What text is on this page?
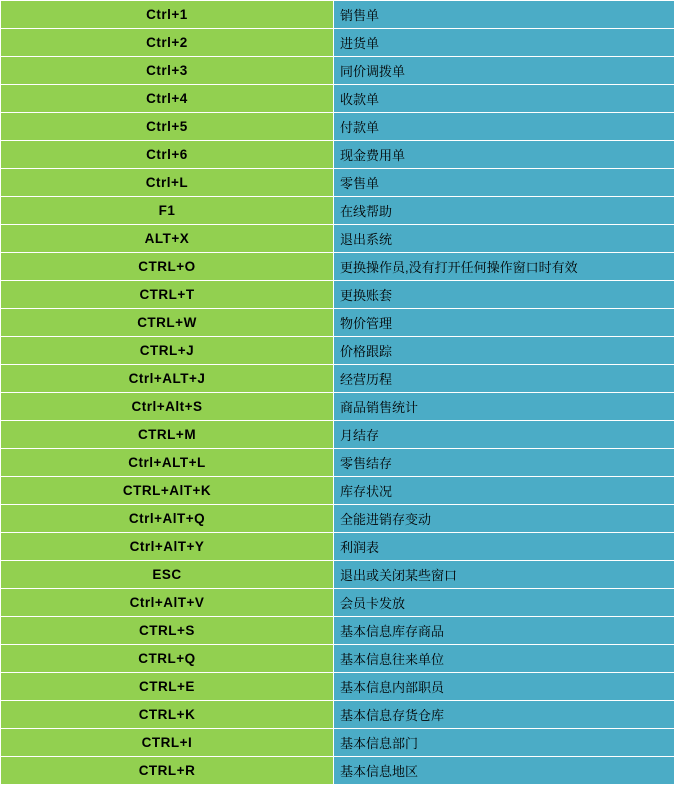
Ctrl+1	销售单
Ctrl+2	进货单
Ctrl+3	同价调拨单
Ctrl+4	收款单
Ctrl+5	付款单
Ctrl+6	现金费用单
Ctrl+L	零售单
F1	在线帮助
ALT+X	退出系统
CTRL+O	更换操作员,没有打开任何操作窗口时有效
CTRL+T	更换账套
CTRL+W	物价管理
CTRL+J	价格跟踪
Ctrl+ALT+J	经营历程
Ctrl+Alt+S	商品销售统计
CTRL+M	月结存
Ctrl+ALT+L	零售结存
CTRL+AlT+K	库存状况
Ctrl+AlT+Q	全能进销存变动
Ctrl+AlT+Y	利润表
ESC	退出或关闭某些窗口
Ctrl+AlT+V	会员卡发放
CTRL+S	基本信息库存商品
CTRL+Q	基本信息往来单位
CTRL+E	基本信息内部职员
CTRL+K	基本信息存货仓库
CTRL+I	基本信息部门
CTRL+R	基本信息地区
